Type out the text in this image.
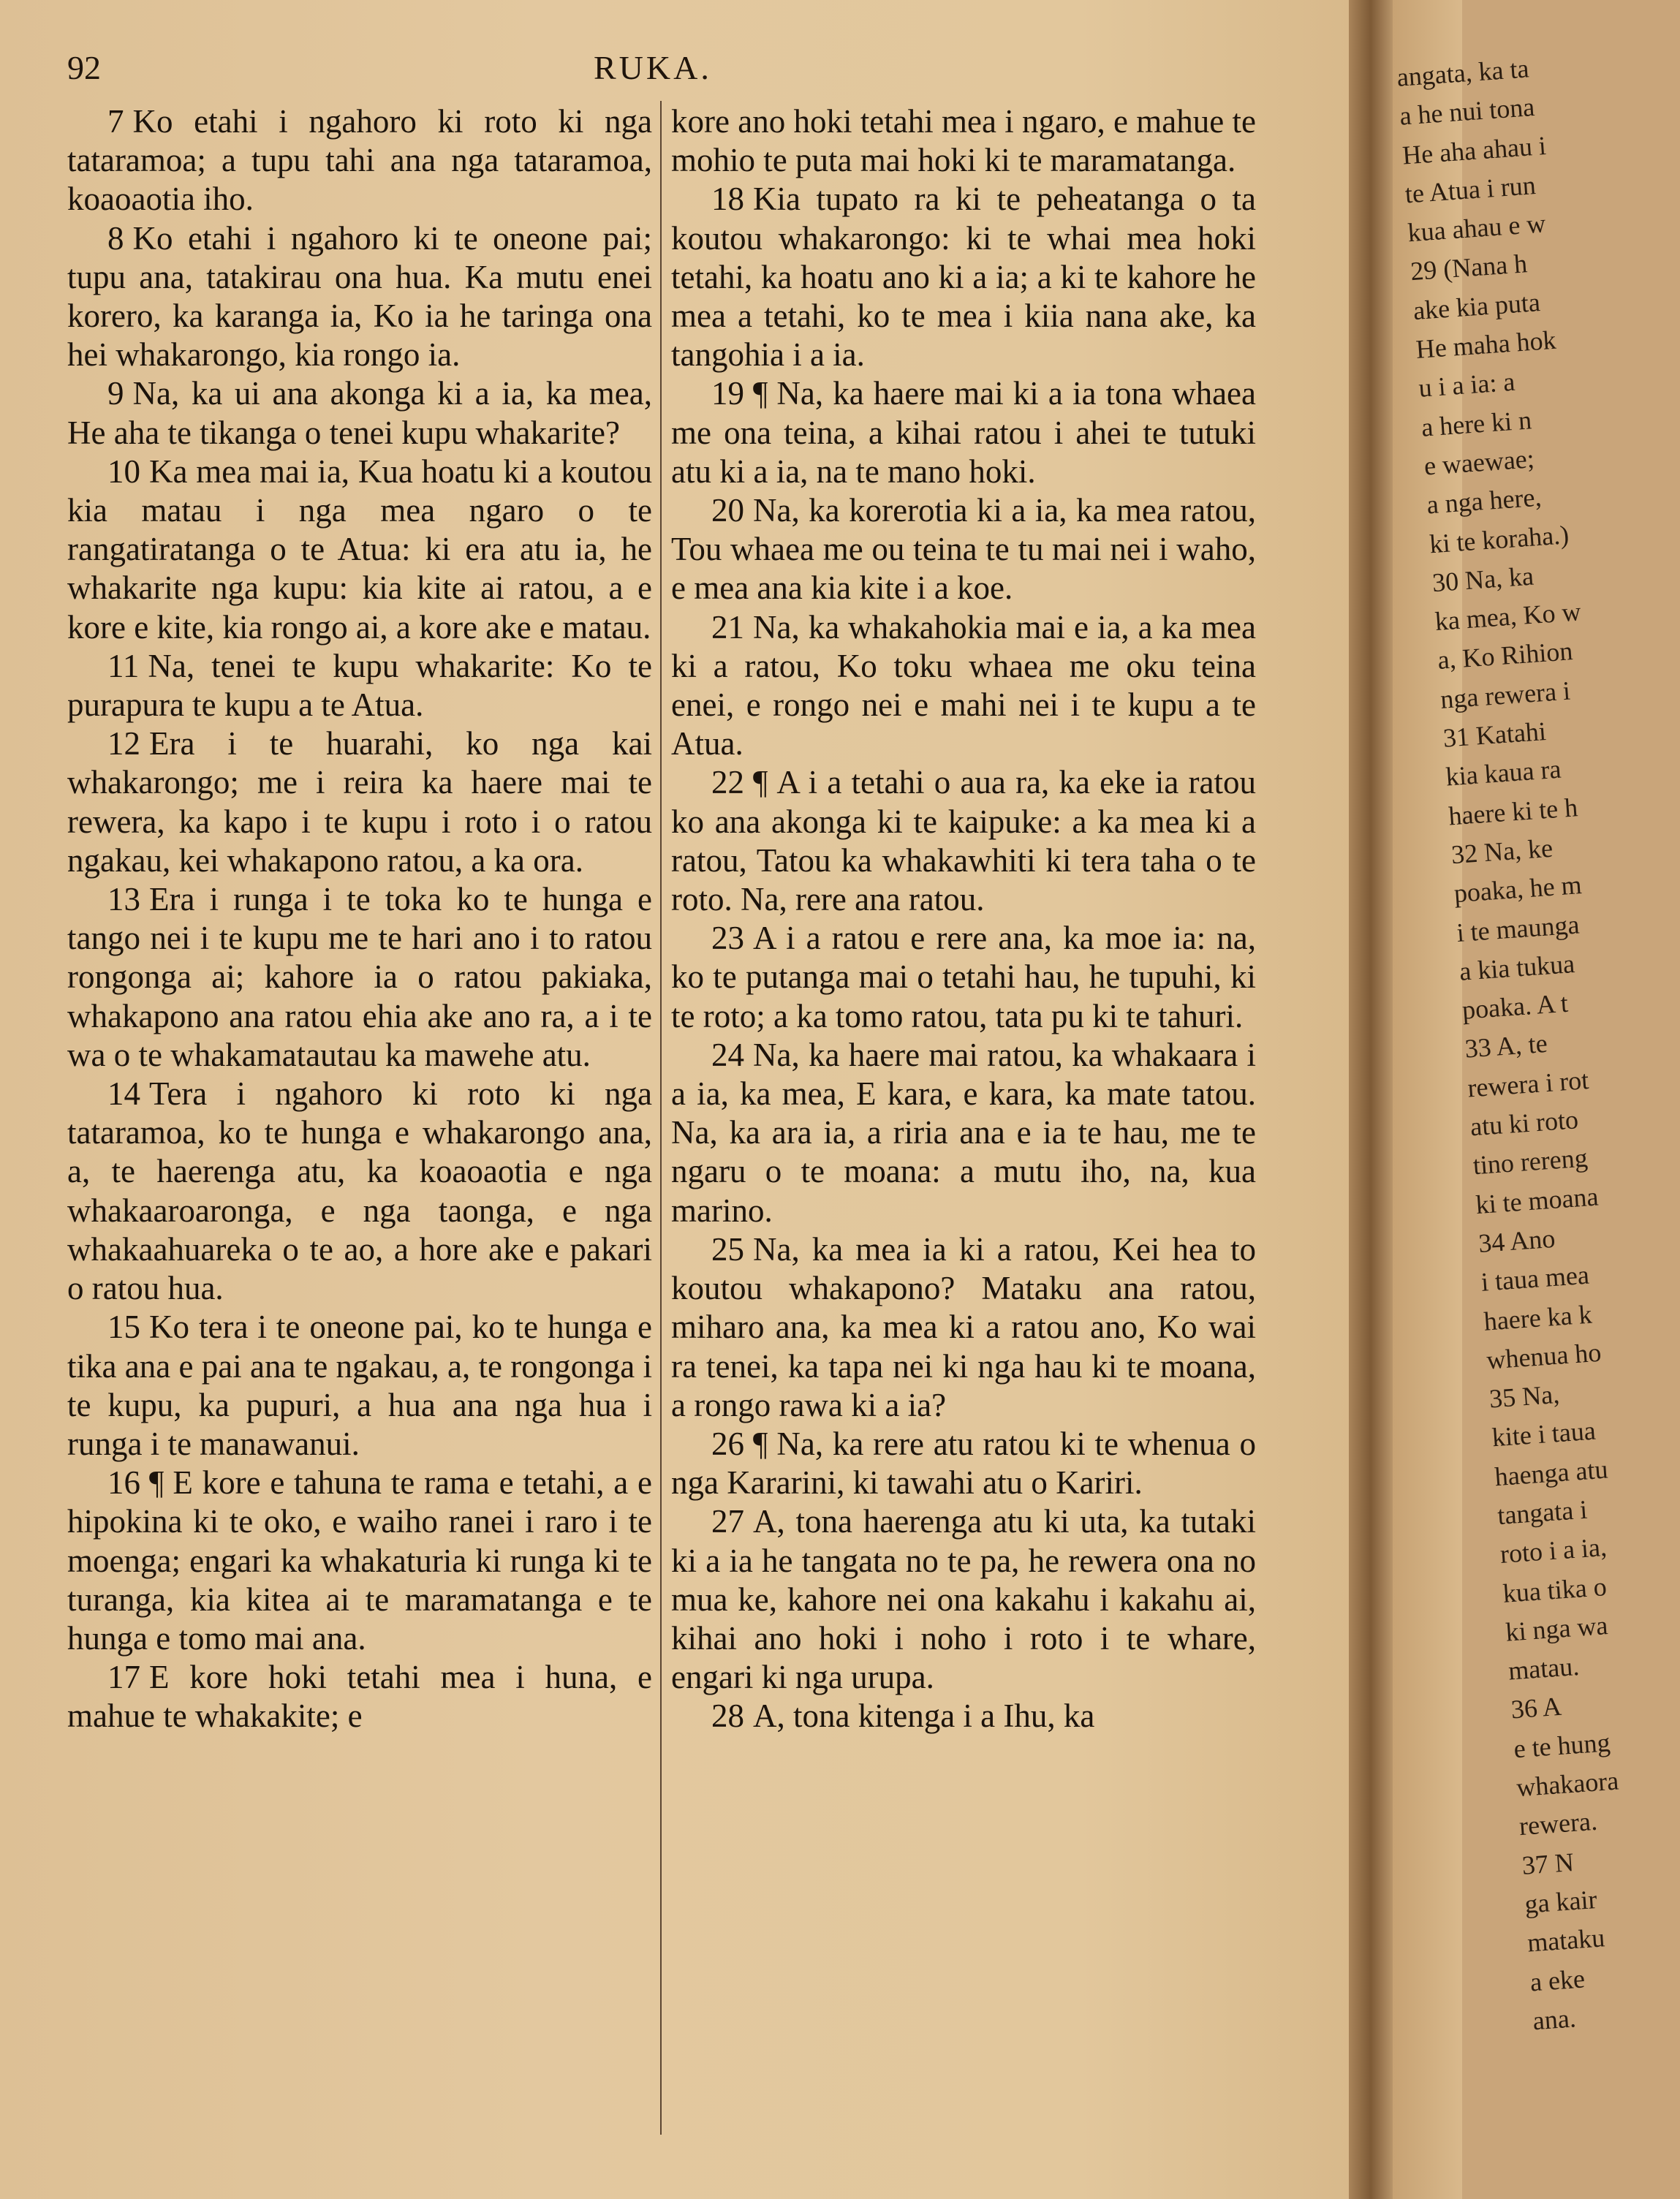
92	RUKA.

7 Ko etahi i ngahoro ki roto ki nga tataramoa; a tupu tahi ana nga tataramoa, koaoaotia iho.

8 Ko etahi i ngahoro ki te oneone pai; tupu ana, tatakirau ona hua. Ka mutu enei korero, ka karanga ia, Ko ia he taringa ona hei whakarongo, kia rongo ia.

9 Na, ka ui ana akonga ki a ia, ka mea, He aha te tikanga o tenei kupu whakarite?

10 Ka mea mai ia, Kua hoatu ki a koutou kia matau i nga mea ngaro o te rangatiratanga o te Atua: ki era atu ia, he whakarite nga kupu: kia kite ai ratou, a e kore e kite, kia rongo ai, a kore ake e matau.

11 Na, tenei te kupu whakarite: Ko te purapura te kupu a te Atua.

12 Era i te huarahi, ko nga kai whakarongo; me i reira ka haere mai te rewera, ka kapo i te kupu i roto i o ratou ngakau, kei whakapono ratou, a ka ora.

13 Era i runga i te toka ko te hunga e tango nei i te kupu me te hari ano i to ratou rongonga ai; kahore ia o ratou pakiaka, whakapono ana ratou ehia ake ano ra, a i te wa o te whakamatautau ka mawehe atu.

14 Tera i ngahoro ki roto ki nga tataramoa, ko te hunga e whakarongo ana, a, te haerenga atu, ka koaoaotia e nga whakaaroaronga, e nga taonga, e nga whakaahuareka o te ao, a hore ake e pakari o ratou hua.

15 Ko tera i te oneone pai, ko te hunga e tika ana e pai ana te ngakau, a, te rongonga i te kupu, ka pupuri, a hua ana nga hua i runga i te manawanui.

16 ¶ E kore e tahuna te rama e tetahi, a e hipokina ki te oko, e waiho ranei i raro i te moenga; engari ka whakaturia ki runga ki te turanga, kia kitea ai te maramatanga e te hunga e tomo mai ana.

17 E kore hoki tetahi mea i huna, e mahue te whakakite; e

kore ano hoki tetahi mea i ngaro, e mahue te mohio te puta mai hoki ki te maramatanga.

18 Kia tupato ra ki te peheatanga o ta koutou whakarongo: ki te whai mea hoki tetahi, ka hoatu ano ki a ia; a ki te kahore he mea a tetahi, ko te mea i kiia nana ake, ka tangohia i a ia.

19 ¶ Na, ka haere mai ki a ia tona whaea me ona teina, a kihai ratou i ahei te tutuki atu ki a ia, na te mano hoki.

20 Na, ka korerotia ki a ia, ka mea ratou, Tou whaea me ou teina te tu mai nei i waho, e mea ana kia kite i a koe.

21 Na, ka whakahokia mai e ia, a ka mea ki a ratou, Ko toku whaea me oku teina enei, e rongo nei e mahi nei i te kupu a te Atua.

22 ¶ A i a tetahi o aua ra, ka eke ia ratou ko ana akonga ki te kaipuke: a ka mea ki a ratou, Tatou ka whakawhiti ki tera taha o te roto. Na, rere ana ratou.

23 A i a ratou e rere ana, ka moe ia: na, ko te putanga mai o tetahi hau, he tupuhi, ki te roto; a ka tomo ratou, tata pu ki te tahuri.

24 Na, ka haere mai ratou, ka whakaara i a ia, ka mea, E kara, e kara, ka mate tatou. Na, ka ara ia, a riria ana e ia te hau, me te ngaru o te moana: a mutu iho, na, kua marino.

25 Na, ka mea ia ki a ratou, Kei hea to koutou whakapono? Mataku ana ratou, miharo ana, ka mea ki a ratou ano, Ko wai ra tenei, ka tapa nei ki nga hau ki te moana, a rongo rawa ki a ia?

26 ¶ Na, ka rere atu ratou ki te whenua o nga Kararini, ki tawahi atu o Kariri.

27 A, tona haerenga atu ki uta, ka tutaki ki a ia he tangata no te pa, he rewera ona no mua ke, kahore nei ona kakahu i kakahu ai, kihai ano hoki i noho i roto i te whare, engari ki nga urupa.

28 A, tona kitenga i a Ihu, ka

angata, ka ta
a he nui tona
He aha ahau i
te Atua i run
kua ahau e w
29 (Nana h
ake kia puta
He maha hok
u i a ia: a
a here ki n
e waewae;
a nga here,
ki te koraha.)
30 Na, ka
ka mea, Ko w
a, Ko Rihion
nga rewera i
31 Katahi
kia kaua ra
haere ki te h
32 Na, ke
poaka, he m
i te maunga
a kia tukua
poaka. A t
33 A, te
rewera i rot
atu ki roto
tino rereng
ki te moana
34 Ano
i taua mea
haere ka k
whenua ho
35 Na,
kite i taua
haenga atu
tangata i
roto i a ia,
kua tika o
ki nga wa
matau.
36 A
e te hung
whakaora
rewera.
37 N
ga kair
mataku
a eke
ana.
